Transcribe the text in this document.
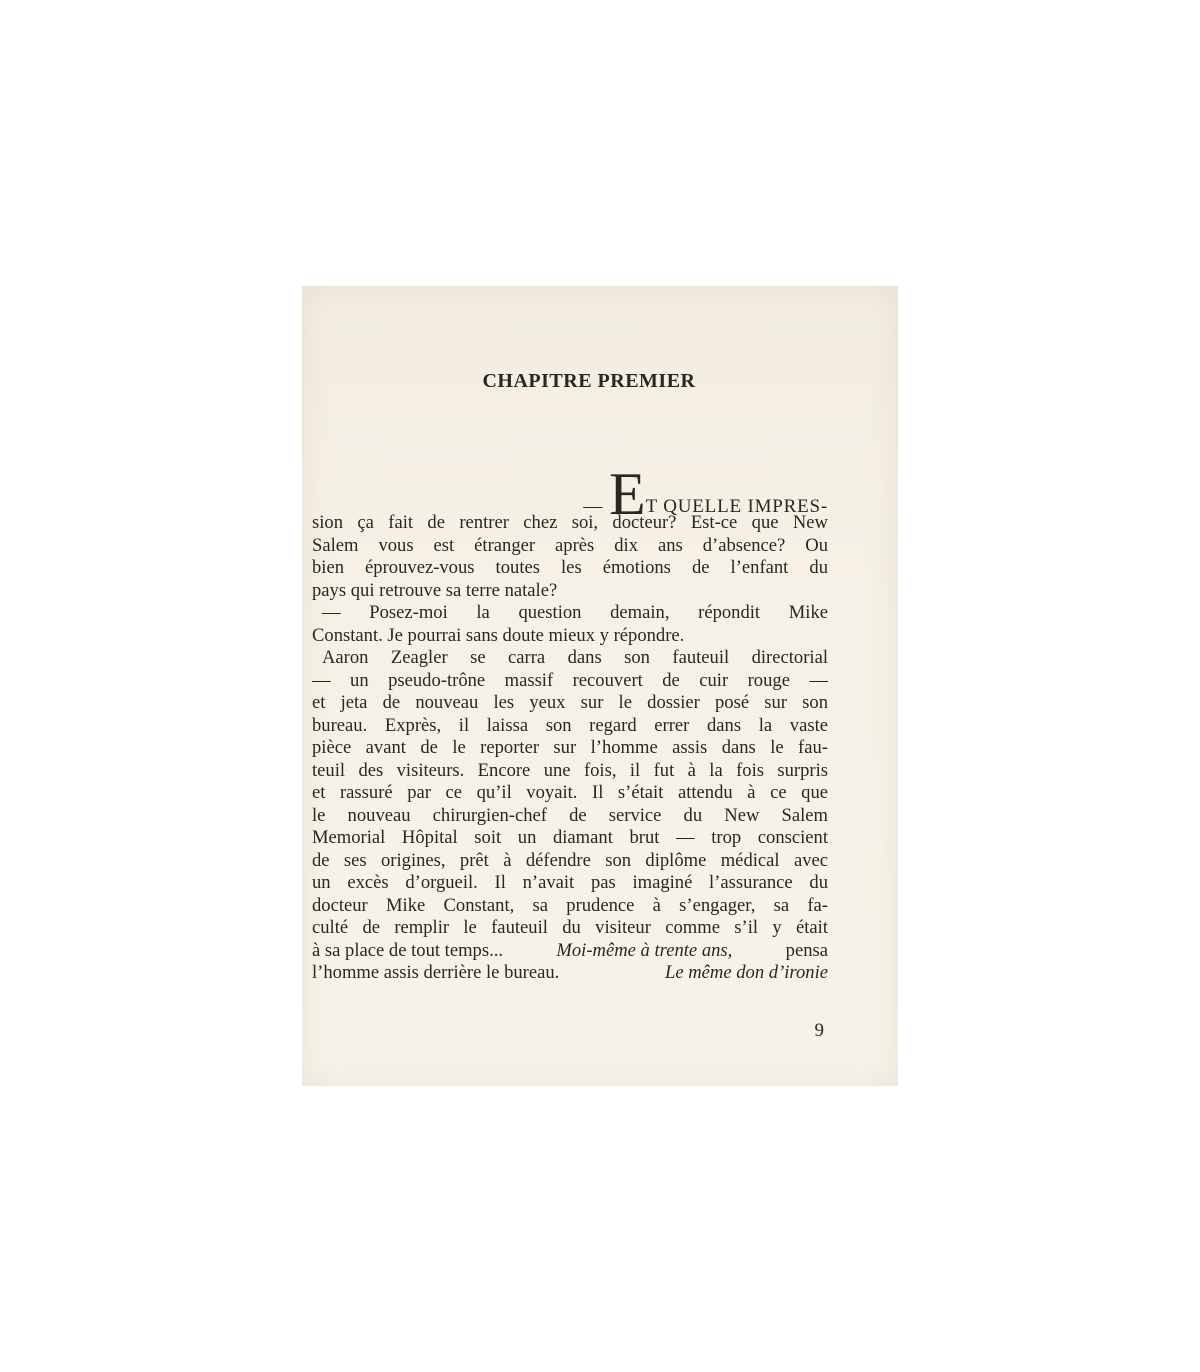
CHAPITRE PREMIER

— ET QUELLE IMPRES-

sion ça fait de rentrer chez soi, docteur? Est-ce que New
Salem vous est étranger après dix ans d’absence? Ou
bien éprouvez-vous toutes les émotions de l’enfant du
pays qui retrouve sa terre natale?
— Posez-moi la question demain, répondit Mike
Constant. Je pourrai sans doute mieux y répondre.
Aaron Zeagler se carra dans son fauteuil directorial
— un pseudo-trône massif recouvert de cuir rouge —
et jeta de nouveau les yeux sur le dossier posé sur son
bureau. Exprès, il laissa son regard errer dans la vaste
pièce avant de le reporter sur l’homme assis dans le fau-
teuil des visiteurs. Encore une fois, il fut à la fois surpris
et rassuré par ce qu’il voyait. Il s’était attendu à ce que
le nouveau chirurgien-chef de service du New Salem
Memorial Hôpital soit un diamant brut — trop conscient
de ses origines, prêt à défendre son diplôme médical avec
un excès d’orgueil. Il n’avait pas imaginé l’assurance du
docteur Mike Constant, sa prudence à s’engager, sa fa-
culté de remplir le fauteuil du visiteur comme s’il y était
à sa place de tout temps...	Moi-même à trente ans,	pensa
l’homme assis derrière le bureau.	Le même don d’ironie
9
